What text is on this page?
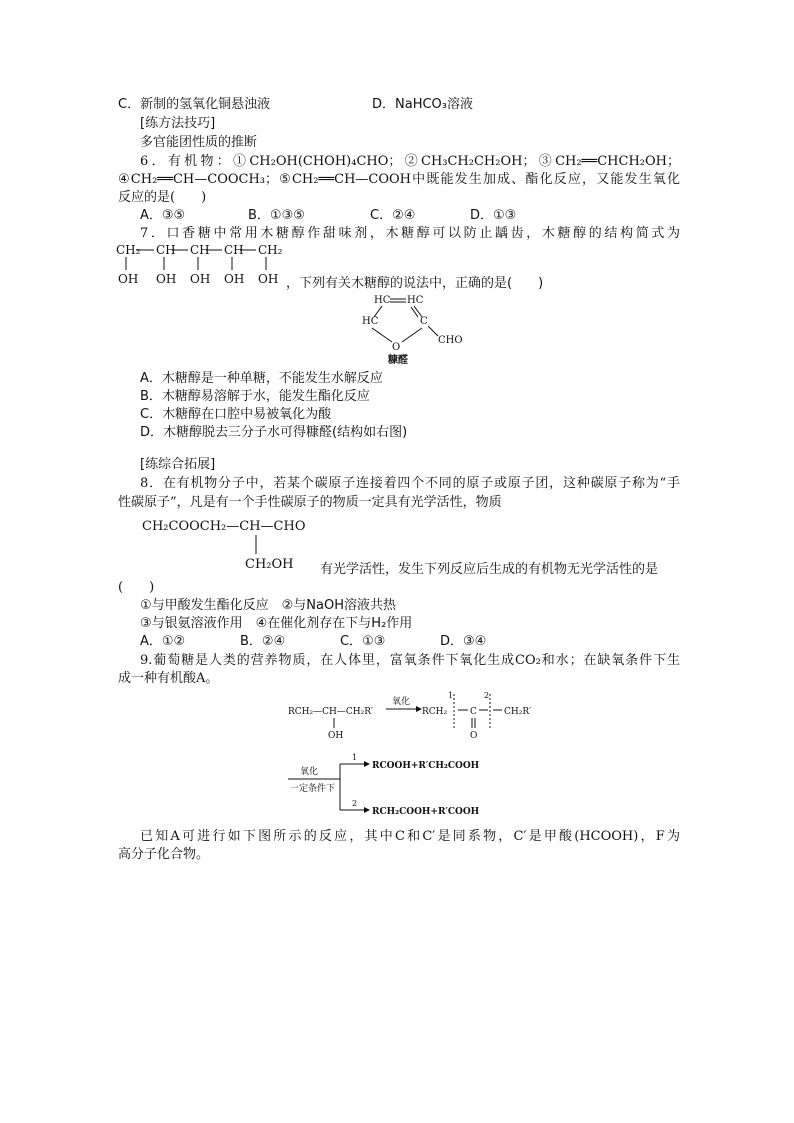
C．新制的氢氧化铜悬浊液	D．NaHCO₃溶液
[练方法技巧]
多官能团性质的推断
6．有机物：①CH₂OH(CHOH)₄CHO；②CH₃CH₂CH₂OH；③CH₂══CHCH₂OH；
④CH₂══CH—COOCH₃；⑤CH₂══CH—COOH中既能发生加成、酯化反应，又能发生氧化
反应的是(　　)
A．③⑤	B．①③⑤	C．②④	D．①③
7．口香糖中常用木糖醇作甜味剂，木糖醇可以防止龋齿，木糖醇的结构简式为
CH₂ CH CH CH CH₂
OH OH OH OH OH ，下列有关木糖醇的说法中，正确的是(　　)
HC HC
HC	C
O
CHO
糠醛
A．木糖醇是一种单糖，不能发生水解反应
B．木糖醇易溶解于水，能发生酯化反应
C．木糖醇在口腔中易被氧化为酸
D．木糖醇脱去三分子水可得糠醛(结构如右图)
[练综合拓展]
8．在有机物分子中，若某个碳原子连接着四个不同的原子或原子团，这种碳原子称为“手
性碳原子”，凡是有一个手性碳原子的物质一定具有光学活性，物质
CH₂COOCH₂—CH—CHO
CH₂OH 有光学活性，发生下列反应后生成的有机物无光学活性的是
(　　)
①与甲酸发生酯化反应　②与NaOH溶液共热
③与银氨溶液作用　④在催化剂存在下与H₂作用
A．①②	B．②④	C．①③	D．③④
9.葡萄糖是人类的营养物质，在人体里，富氧条件下氧化生成CO₂和水；在缺氧条件下生
成一种有机酸A。
RCH₂—CH—CH₂R′
OH
氧化
RCH₂
1
C
O
2
CH₂R′
氧化
一定条件下
1
2
RCOOH+R′CH₂COOH
RCH₂COOH+R′COOH
已知A可进行如下图所示的反应，其中C和C′是同系物，C′是甲酸(HCOOH)，F为
高分子化合物。
